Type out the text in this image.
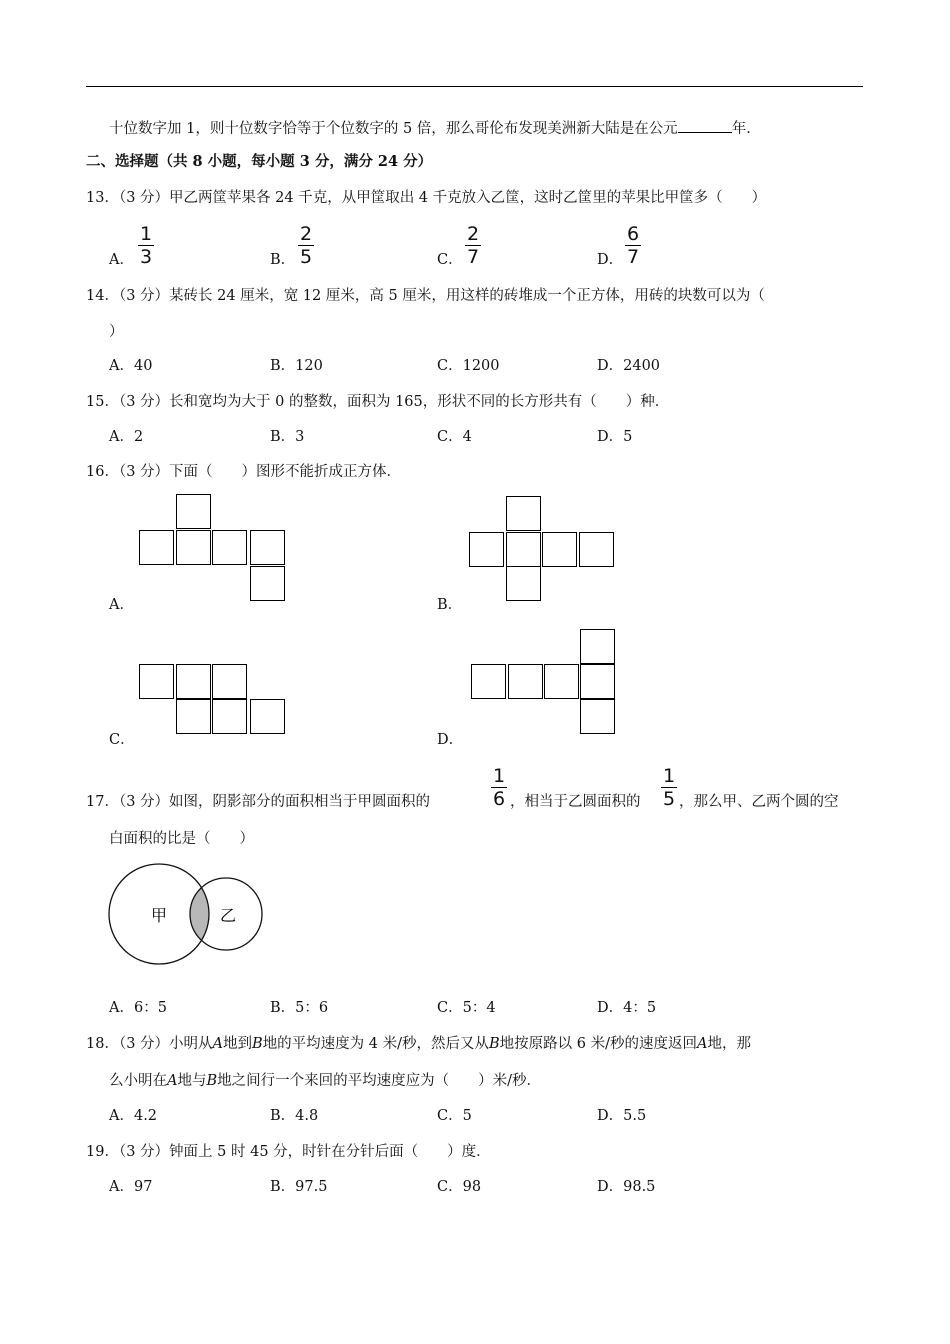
十位数字加 1，则十位数字恰等于个位数字的 5 倍，那么哥伦布发现美洲新大陆是在公元	年．
二、选择题（共 8 小题，每小题 3 分，满分 24 分）
13．（3 分）甲乙两筐苹果各 24 千克，从甲筐取出 4 千克放入乙筐，这时乙筐里的苹果比甲筐多（　　）
A．
1
3	B．
2
5	C．
2
7	D．
6
7
14．（3 分）某砖长 24 厘米，宽 12 厘米，高 5 厘米，用这样的砖堆成一个正方体，用砖的块数可以为（
）
A．40	B．120	C．1200	D．2400
15．（3 分）长和宽均为大于 0 的整数，面积为 165，形状不同的长方形共有（　　）种．
A．2	B．3	C．4	D．5
16．（3 分）下面（　　）图形不能折成正方体．
A．	B．
C．	D．
17．（3 分）如图，阴影部分的面积相当于甲圆面积的
1
6 ，相当于乙圆面积的
1
5 ，那么甲、乙两个圆的空
白面积的比是（　　）
甲	乙
A．6：5	B．5：6	C．5：4	D．4：5
18．（3 分）小明从A地到B地的平均速度为 4 米/秒，然后又从B地按原路以 6 米/秒的速度返回A地，那
么小明在A地与B地之间行一个来回的平均速度应为（　　）米/秒．
A．4.2	B．4.8	C．5	D．5.5
19．（3 分）钟面上 5 时 45 分，时针在分针后面（　　）度．
A．97	B．97.5	C．98	D．98.5
